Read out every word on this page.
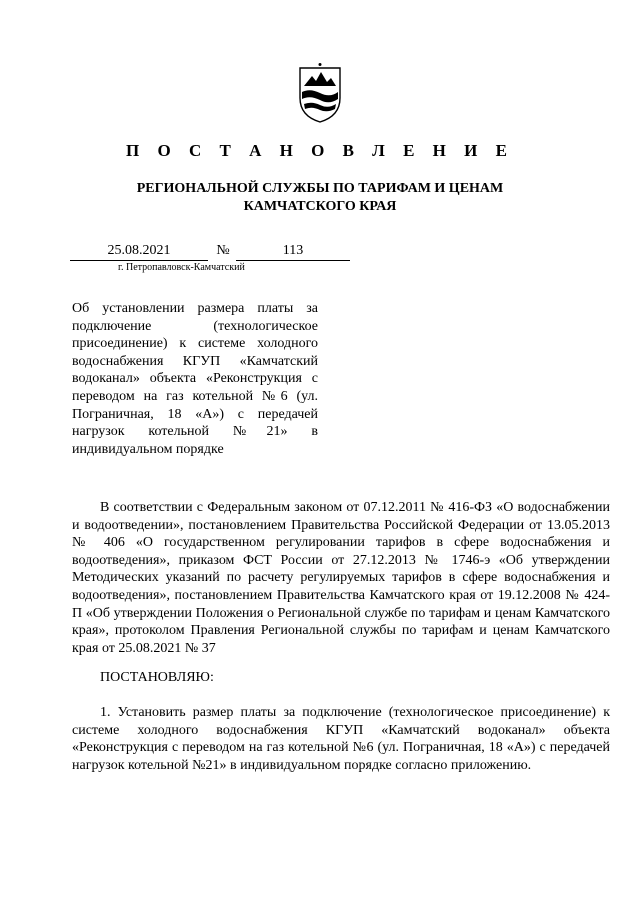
П О С Т А Н О В Л Е Н И Е
РЕГИОНАЛЬНОЙ СЛУЖБЫ ПО ТАРИФАМ И ЦЕНАМ
КАМЧАТСКОГО КРАЯ
25.08.2021	№	113
г. Петропавловск-Камчатский
Об установлении размера платы за подключение (технологическое присоединение) к системе холодного водоснабжения КГУП «Камчатский водоканал» объекта «Реконструкция с переводом на газ котельной №6 (ул. Пограничная, 18 «А») с передачей нагрузок котельной №21» в индивидуальном порядке
В соответствии с Федеральным законом от 07.12.2011 № 416-ФЗ «О водоснабжении и водоотведении», постановлением Правительства Российской Федерации от 13.05.2013 № 406 «О государственном регулировании тарифов в сфере водоснабжения и водоотведения», приказом ФСТ России от 27.12.2013 № 1746-э «Об утверждении Методических указаний по расчету регулируемых тарифов в сфере водоснабжения и водоотведения», постановлением Правительства Камчатского края от 19.12.2008 № 424-П «Об утверждении Положения о Региональной службе по тарифам и ценам Камчатского края», протоколом Правления Региональной службы по тарифам и ценам Камчатского края от 25.08.2021 № 37
ПОСТАНОВЛЯЮ:
1. Установить размер платы за подключение (технологическое присоединение) к системе холодного водоснабжения КГУП «Камчатский водоканал» объекта «Реконструкция с переводом на газ котельной №6 (ул. Пограничная, 18 «А») с передачей нагрузок котельной №21» в индивидуальном порядке согласно приложению.
